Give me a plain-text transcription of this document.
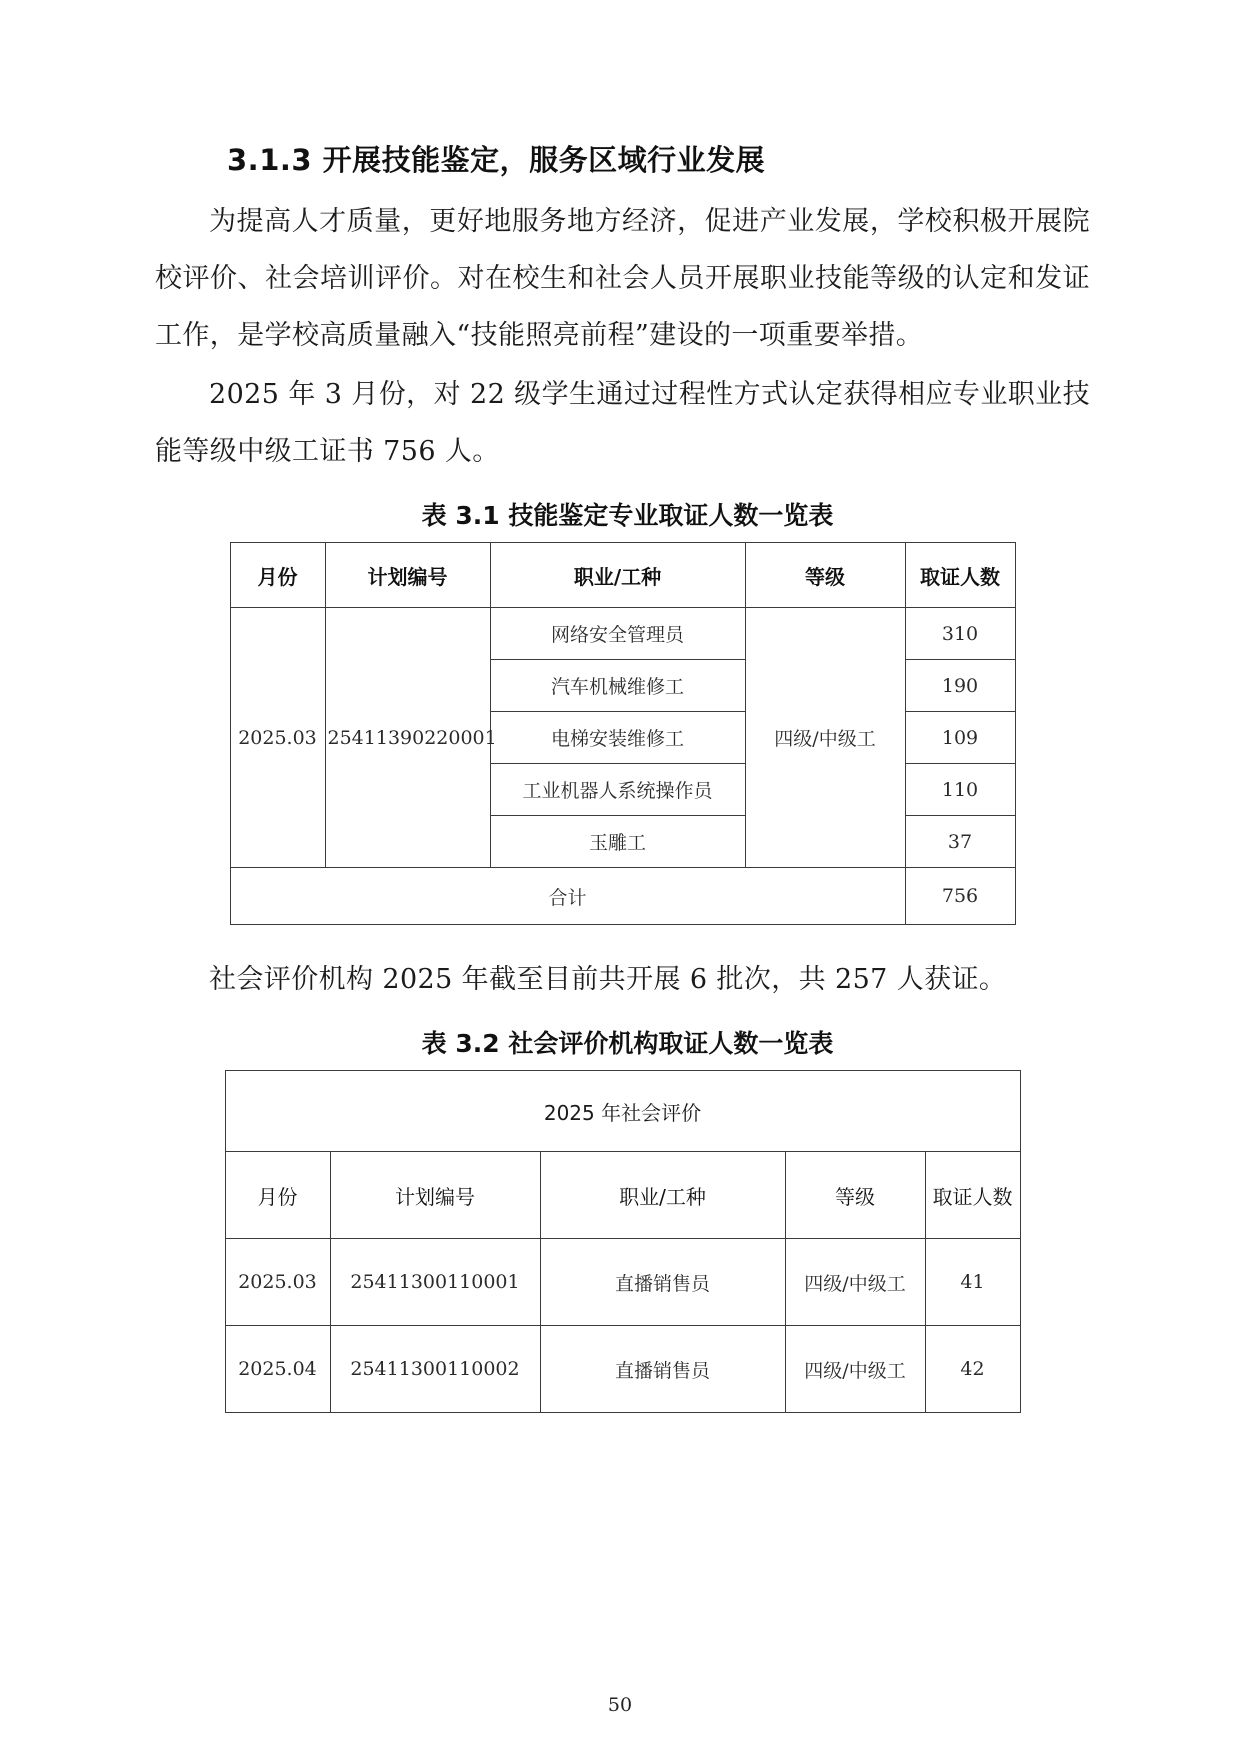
3.1.3 开展技能鉴定，服务区域行业发展

为提高人才质量，更好地服务地方经济，促进产业发展，学校积极开展院校评价、社会培训评价。对在校生和社会人员开展职业技能等级的认定和发证工作，是学校高质量融入“技能照亮前程”建设的一项重要举措。

2025 年 3 月份，对 22 级学生通过过程性方式认定获得相应专业职业技能等级中级工证书 756 人。

表 3.1 技能鉴定专业取证人数一览表
月份	计划编号	职业/工种	等级	取证人数
2025.03	25411390220001	网络安全管理员	四级/中级工	310
		汽车机械维修工		190
		电梯安装维修工		109
		工业机器人系统操作员		110
		玉雕工		37
合计				756

社会评价机构 2025 年截至目前共开展 6 批次，共 257 人获证。

表 3.2 社会评价机构取证人数一览表
2025 年社会评价				
月份	计划编号	职业/工种	等级	取证人数
2025.03	25411300110001	直播销售员	四级/中级工	41
2025.04	25411300110002	直播销售员	四级/中级工	42
50
